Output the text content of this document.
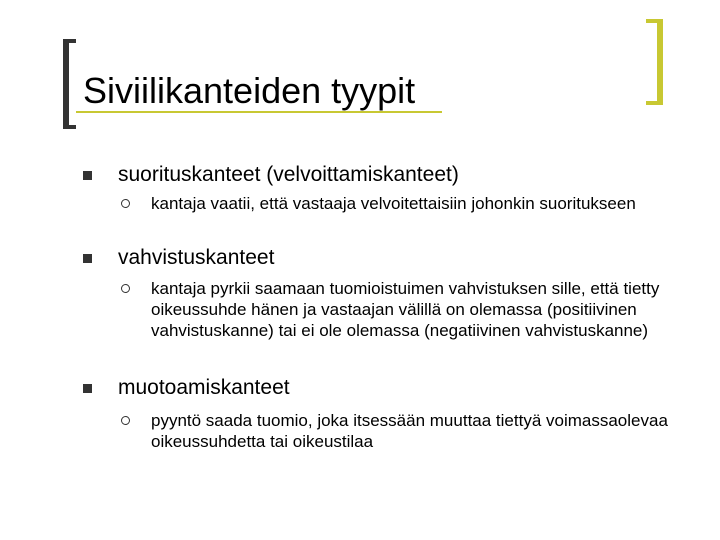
Siviilikanteiden tyypit
suorituskanteet (velvoittamiskanteet)
kantaja vaatii, että vastaaja velvoitettaisiin johonkin suoritukseen
vahvistuskanteet
kantaja pyrkii saamaan tuomioistuimen vahvistuksen sille, että tietty oikeussuhde hänen ja vastaajan välillä on olemassa (positiivinen vahvistuskanne) tai ei ole olemassa (negatiivinen vahvistuskanne)
muotoamiskanteet
pyyntö saada tuomio, joka itsessään muuttaa tiettyä voimassaolevaa oikeussuhdetta tai oikeustilaa
